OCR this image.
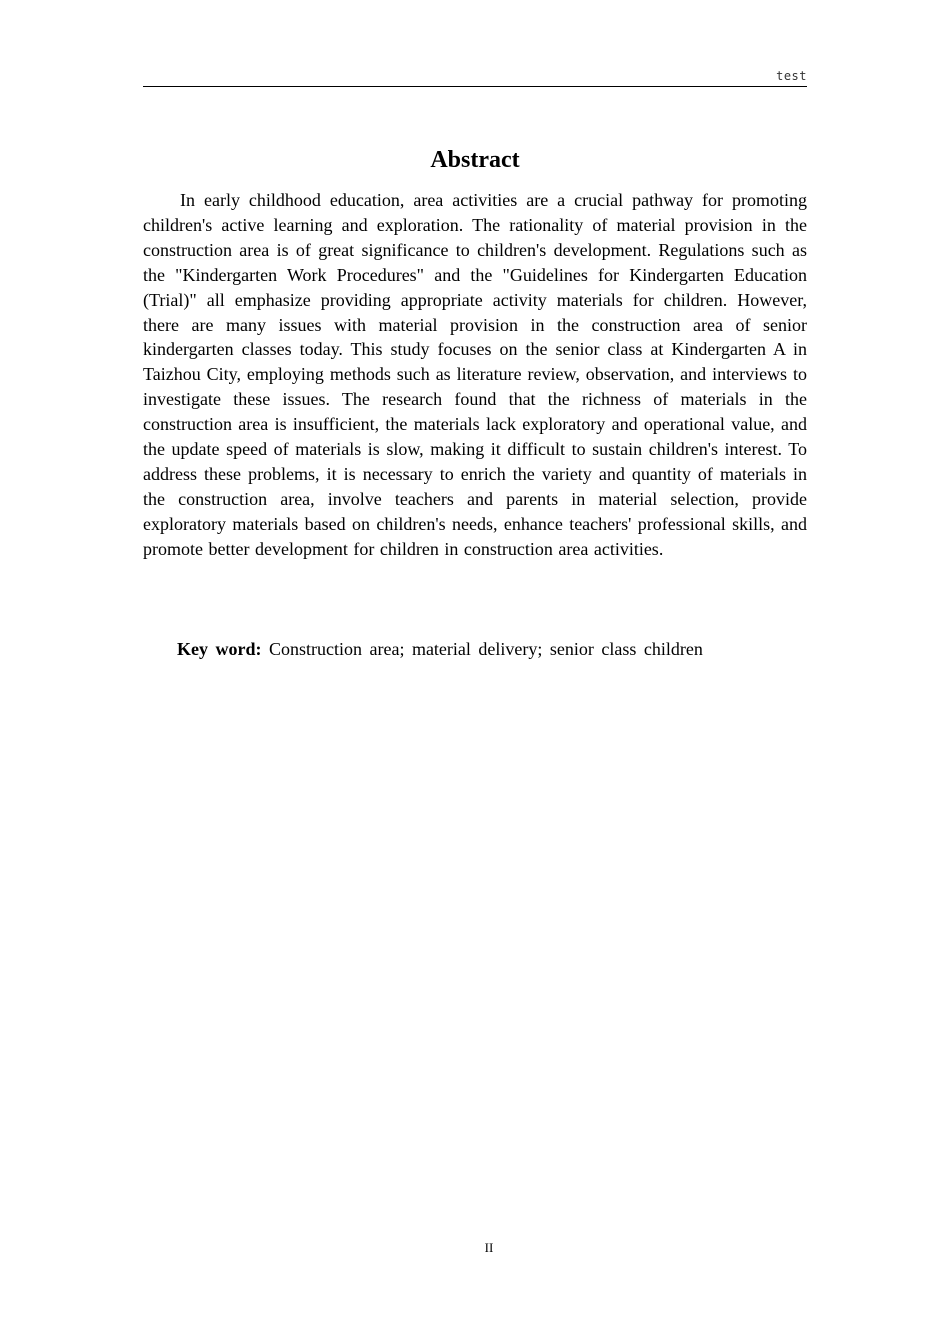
test
Abstract

In early childhood education, area activities are a crucial pathway for promoting children's active learning and exploration. The rationality of material provision in the construction area is of great significance to children's development. Regulations such as the "Kindergarten Work Procedures" and the "Guidelines for Kindergarten Education (Trial)" all emphasize providing appropriate activity materials for children. However, there are many issues with material provision in the construction area of senior kindergarten classes today. This study focuses on the senior class at Kindergarten A in Taizhou City, employing methods such as literature review, observation, and interviews to investigate these issues. The research found that the richness of materials in the construction area is insufficient, the materials lack exploratory and operational value, and the update speed of materials is slow, making it difficult to sustain children's interest. To address these problems, it is necessary to enrich the variety and quantity of materials in the construction area, involve teachers and parents in material selection, provide exploratory materials based on children's needs, enhance teachers' professional skills, and promote better development for children in construction area activities.

Key word: Construction area; material delivery; senior class children
II
